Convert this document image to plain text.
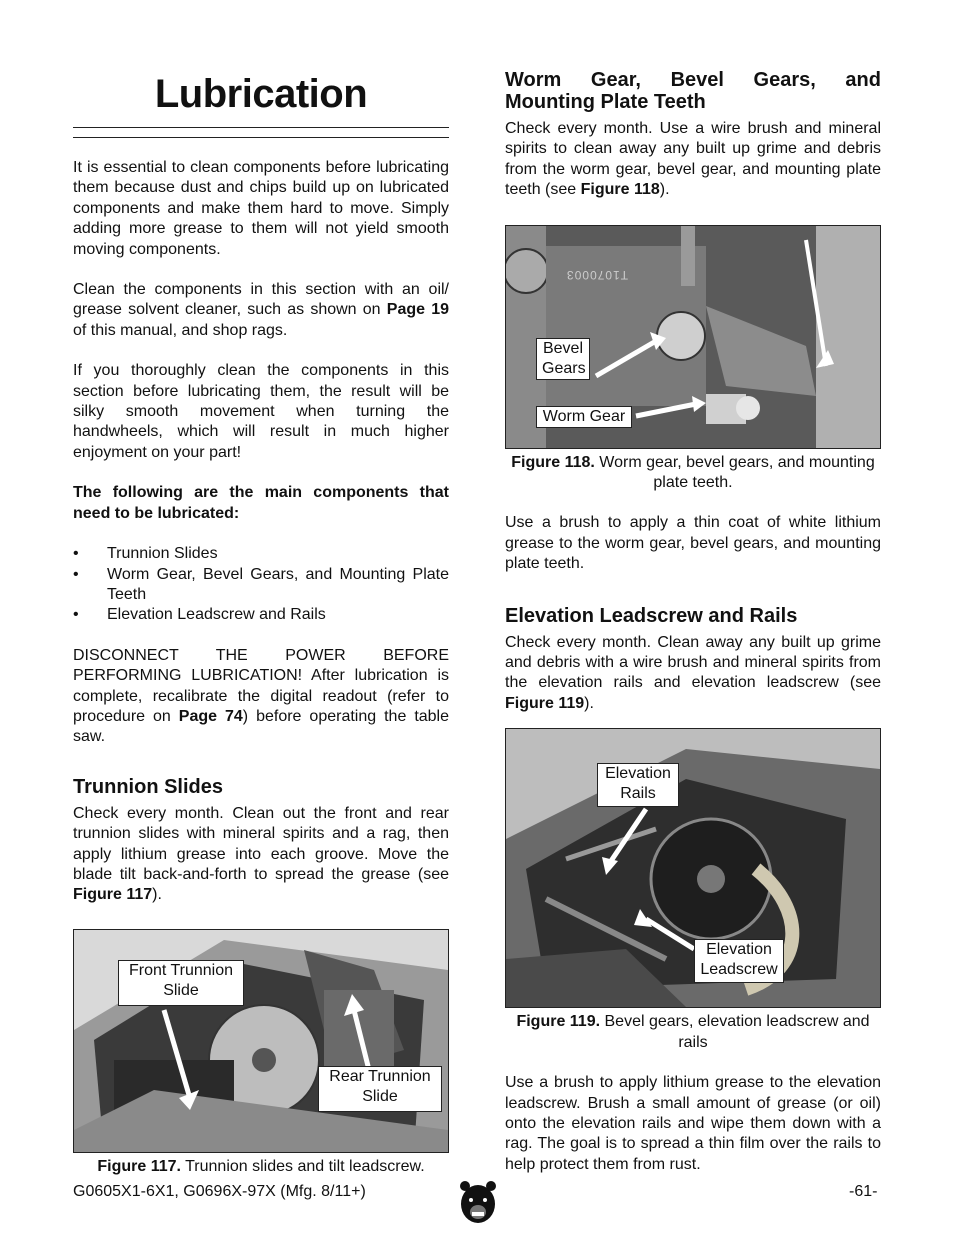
Lubrication

It is essential to clean components before lubricating them because dust and chips build up on lubricated components and make them hard to move. Simply adding more grease to them will not yield smooth moving components.

Clean the components in this section with an oil/ grease solvent cleaner, such as shown on Page 19 of this manual, and shop rags.

If you thoroughly clean the components in this section before lubricating them, the result will be silky smooth movement when turning the handwheels, which will result in much higher enjoyment on your part!

The following are the main components that need to be lubricated:

• Trunnion Slides
• Worm Gear, Bevel Gears, and Mounting Plate Teeth
• Elevation Leadscrew and Rails

DISCONNECT THE POWER BEFORE PERFORMING LUBRICATION! After lubrication is complete, recalibrate the digital readout (refer to procedure on Page 74) before operating the table saw.

Trunnion Slides

Check every month. Clean out the front and rear trunnion slides with mineral spirits and a rag, then apply lithium grease into each groove. Move the blade tilt back-and-forth to spread the grease (see Figure 117).

Front Trunnion Slide
Rear Trunnion Slide
Figure 117. Trunnion slides and tilt leadscrew.
Worm Gear, Bevel Gears, and
Mounting Plate Teeth

Check every month. Use a wire brush and mineral spirits to clean away any built up grime and debris from the worm gear, bevel gear, and mounting plate teeth (see Figure 118).

T1070003
Bevel Gears
Worm Gear
Figure 118. Worm gear, bevel gears, and mounting plate teeth.

Use a brush to apply a thin coat of white lithium grease to the worm gear, bevel gears, and mounting plate teeth.

Elevation Leadscrew and Rails

Check every month. Clean away any built up grime and debris with a wire brush and mineral spirits from the elevation rails and elevation leadscrew (see Figure 119).

Elevation Rails
Elevation Leadscrew
Figure 119. Bevel gears, elevation leadscrew and rails

Use a brush to apply lithium grease to the elevation leadscrew. Brush a small amount of grease (or oil) onto the elevation rails and wipe them down with a rag. The goal is to spread a thin film over the rails to help protect them from rust.

G0605X1-6X1, G0696X-97X (Mfg. 8/11+)	-61-
